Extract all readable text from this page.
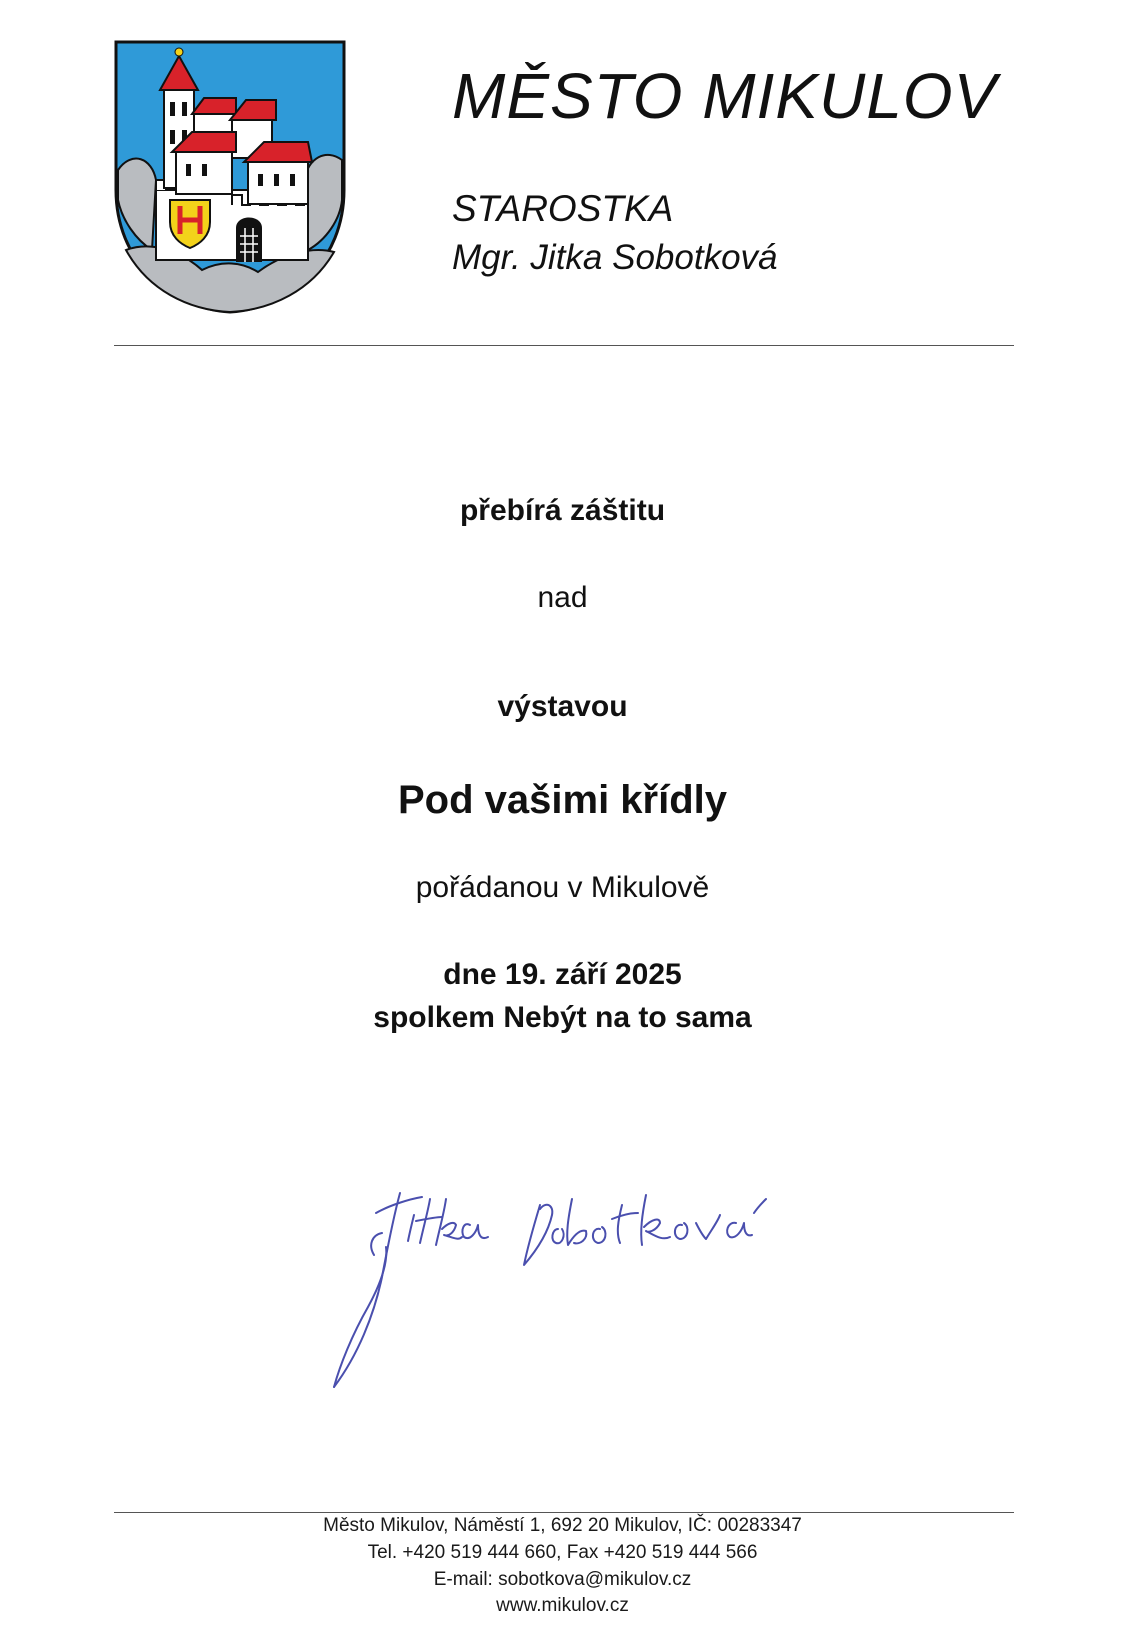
MĚSTO MIKULOV
STAROSTKA
Mgr. Jitka Sobotková
přebírá záštitu
nad
výstavou
Pod vašimi křídly
pořádanou v Mikulově
dne 19. září 2025
spolkem Nebýt na to sama
Město Mikulov, Náměstí 1, 692 20 Mikulov, IČ: 00283347
Tel. +420 519 444 660, Fax +420 519 444 566
E-mail: sobotkova@mikulov.cz
www.mikulov.cz
